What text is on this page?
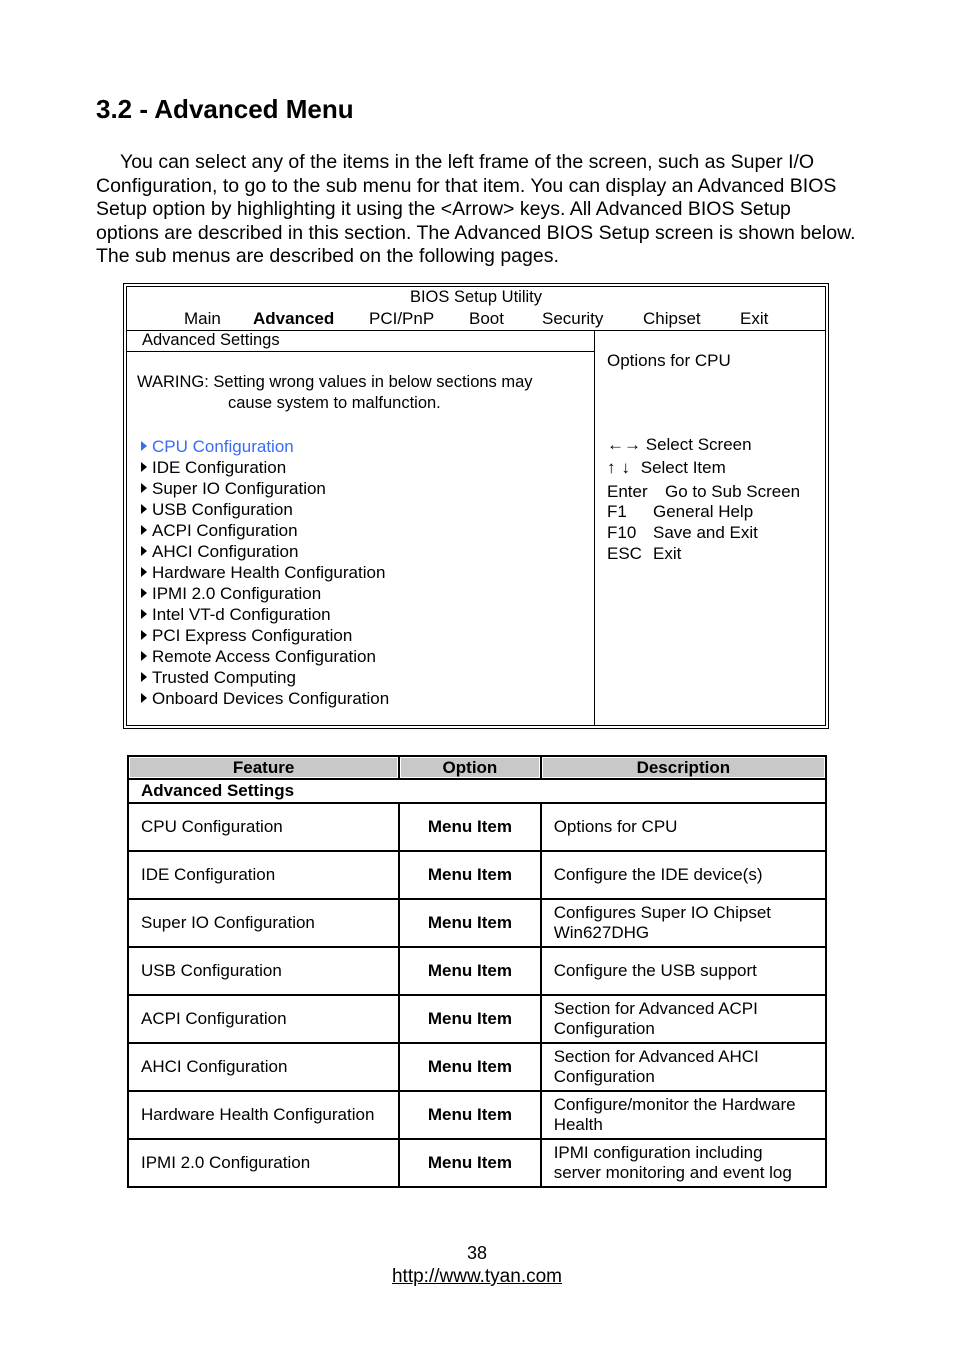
3.2 - Advanced Menu

You can select any of the items in the left frame of the screen, such as Super I/O Configuration, to go to the sub menu for that item. You can display an Advanced BIOS Setup option by highlighting it using the <Arrow> keys. All Advanced BIOS Setup options are described in this section. The Advanced BIOS Setup screen is shown below. The sub menus are described on the following pages.

BIOS Setup Utility
Main Advanced PCI/PnP Boot Security Chipset Exit
Advanced Settings
WARING: Setting wrong values in below sections may
cause system to malfunction.
CPU Configuration
IDE Configuration
Super IO Configuration
USB Configuration
ACPI Configuration
AHCI Configuration
Hardware Health Configuration
IPMI 2.0 Configuration
Intel VT-d Configuration
PCI Express Configuration
Remote Access Configuration
Trusted Computing
Onboard Devices Configuration
Options for CPU
←→ Select Screen
↑↓ Select Item
Enter Go to Sub Screen
F1 General Help
F10 Save and Exit
ESC Exit
Feature	Option	Description
Advanced Settings		
CPU Configuration	Menu Item	Options for CPU
IDE Configuration	Menu Item	Configure the IDE device(s)
Super IO Configuration	Menu Item	Configures Super IO Chipset Win627DHG
USB Configuration	Menu Item	Configure the USB support
ACPI Configuration	Menu Item	Section for Advanced ACPI Configuration
AHCI Configuration	Menu Item	Section for Advanced AHCI Configuration
Hardware Health Configuration	Menu Item	Configure/monitor the Hardware Health
IPMI 2.0 Configuration	Menu Item	IPMI configuration including server monitoring and event log
38
http://www.tyan.com
